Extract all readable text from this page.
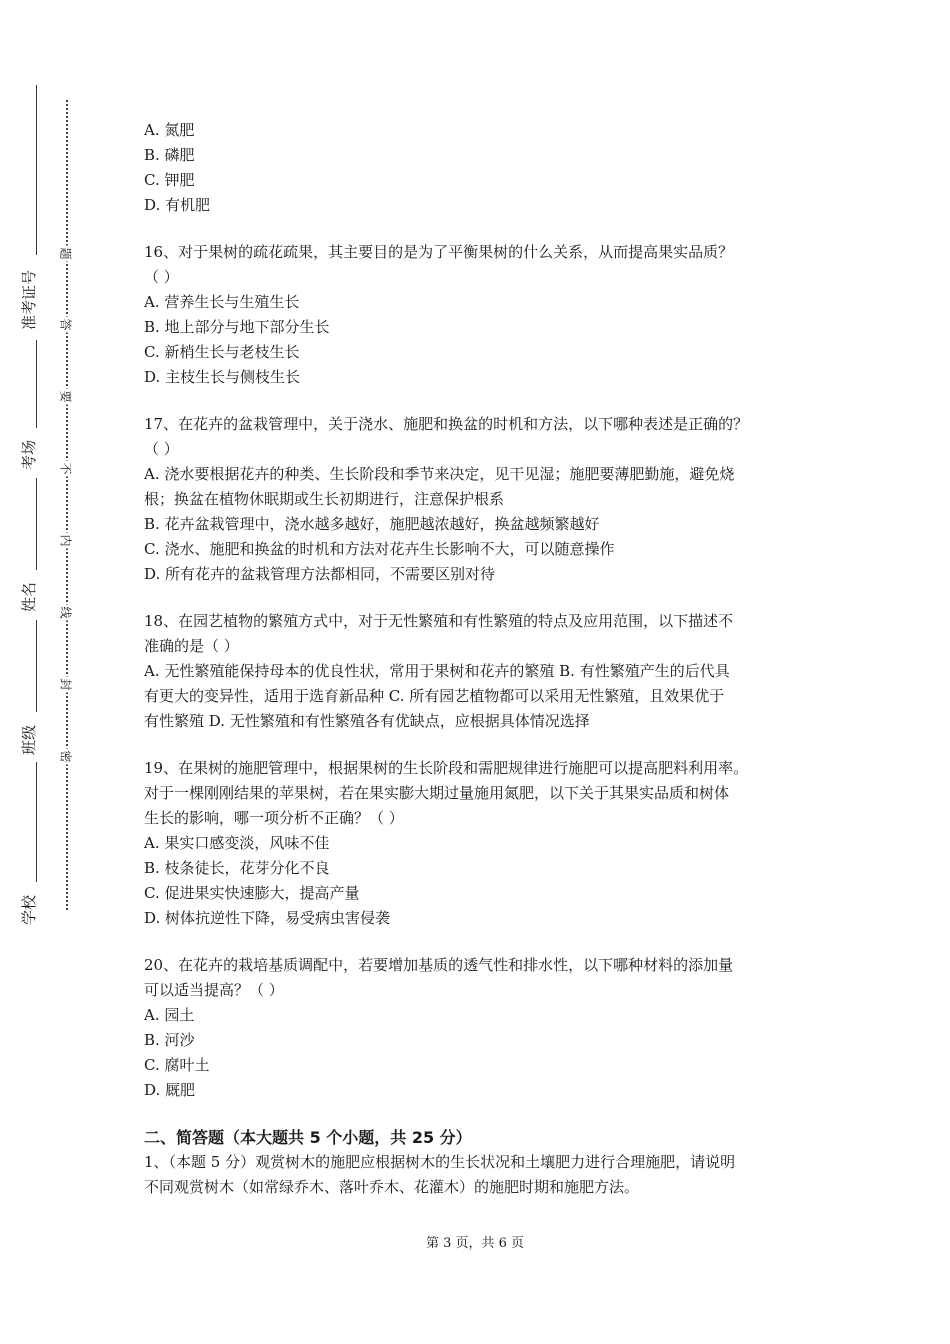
准考证号
考场
姓名
班级
学校
题
答
要
不
内
线
封
密
A. 氮肥
B. 磷肥
C. 钾肥
D. 有机肥
16、对于果树的疏花疏果，其主要目的是为了平衡果树的什么关系，从而提高果实品质？
（ ）
A. 营养生长与生殖生长
B. 地上部分与地下部分生长
C. 新梢生长与老枝生长
D. 主枝生长与侧枝生长
17、在花卉的盆栽管理中，关于浇水、施肥和换盆的时机和方法，以下哪种表述是正确的？
（ ）
A. 浇水要根据花卉的种类、生长阶段和季节来决定，见干见湿；施肥要薄肥勤施，避免烧
根；换盆在植物休眠期或生长初期进行，注意保护根系
B. 花卉盆栽管理中，浇水越多越好，施肥越浓越好，换盆越频繁越好
C. 浇水、施肥和换盆的时机和方法对花卉生长影响不大，可以随意操作
D. 所有花卉的盆栽管理方法都相同，不需要区别对待
18、在园艺植物的繁殖方式中，对于无性繁殖和有性繁殖的特点及应用范围，以下描述不
准确的是（ ）
A. 无性繁殖能保持母本的优良性状，常用于果树和花卉的繁殖 B. 有性繁殖产生的后代具
有更大的变异性，适用于选育新品种 C. 所有园艺植物都可以采用无性繁殖，且效果优于
有性繁殖 D. 无性繁殖和有性繁殖各有优缺点，应根据具体情况选择
19、在果树的施肥管理中，根据果树的生长阶段和需肥规律进行施肥可以提高肥料利用率。
对于一棵刚刚结果的苹果树，若在果实膨大期过量施用氮肥，以下关于其果实品质和树体
生长的影响，哪一项分析不正确？（ ）
A. 果实口感变淡，风味不佳
B. 枝条徒长，花芽分化不良
C. 促进果实快速膨大，提高产量
D. 树体抗逆性下降，易受病虫害侵袭
20、在花卉的栽培基质调配中，若要增加基质的透气性和排水性，以下哪种材料的添加量
可以适当提高？（ ）
A. 园土
B. 河沙
C. 腐叶土
D. 厩肥
二、简答题（本大题共 5 个小题，共 25 分）
1、（本题 5 分）观赏树木的施肥应根据树木的生长状况和土壤肥力进行合理施肥，请说明
不同观赏树木（如常绿乔木、落叶乔木、花灌木）的施肥时期和施肥方法。
第 3 页，共 6 页
